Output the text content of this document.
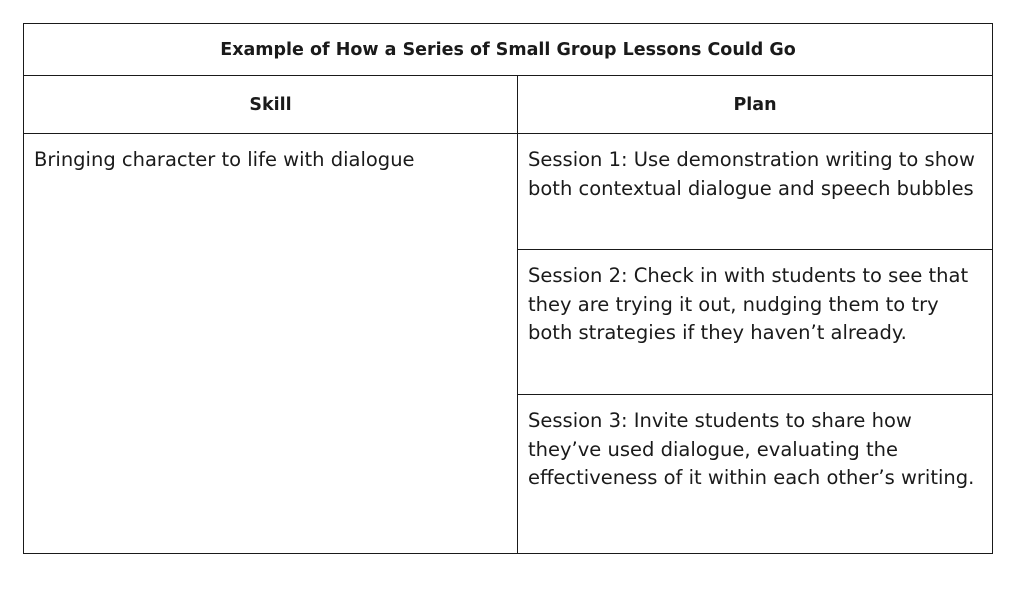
Example of How a Series of Small Group Lessons Could Go	
Skill	Plan
Bringing character to life with dialogue	Session 1: Use demonstration writing to show both contextual dialogue and speech bubbles
	Session 2: Check in with students to see that they are trying it out, nudging them to try both strategies if they haven’t already.
	Session 3: Invite students to share how they’ve used dialogue, evaluating the effectiveness of it within each other’s writing.
